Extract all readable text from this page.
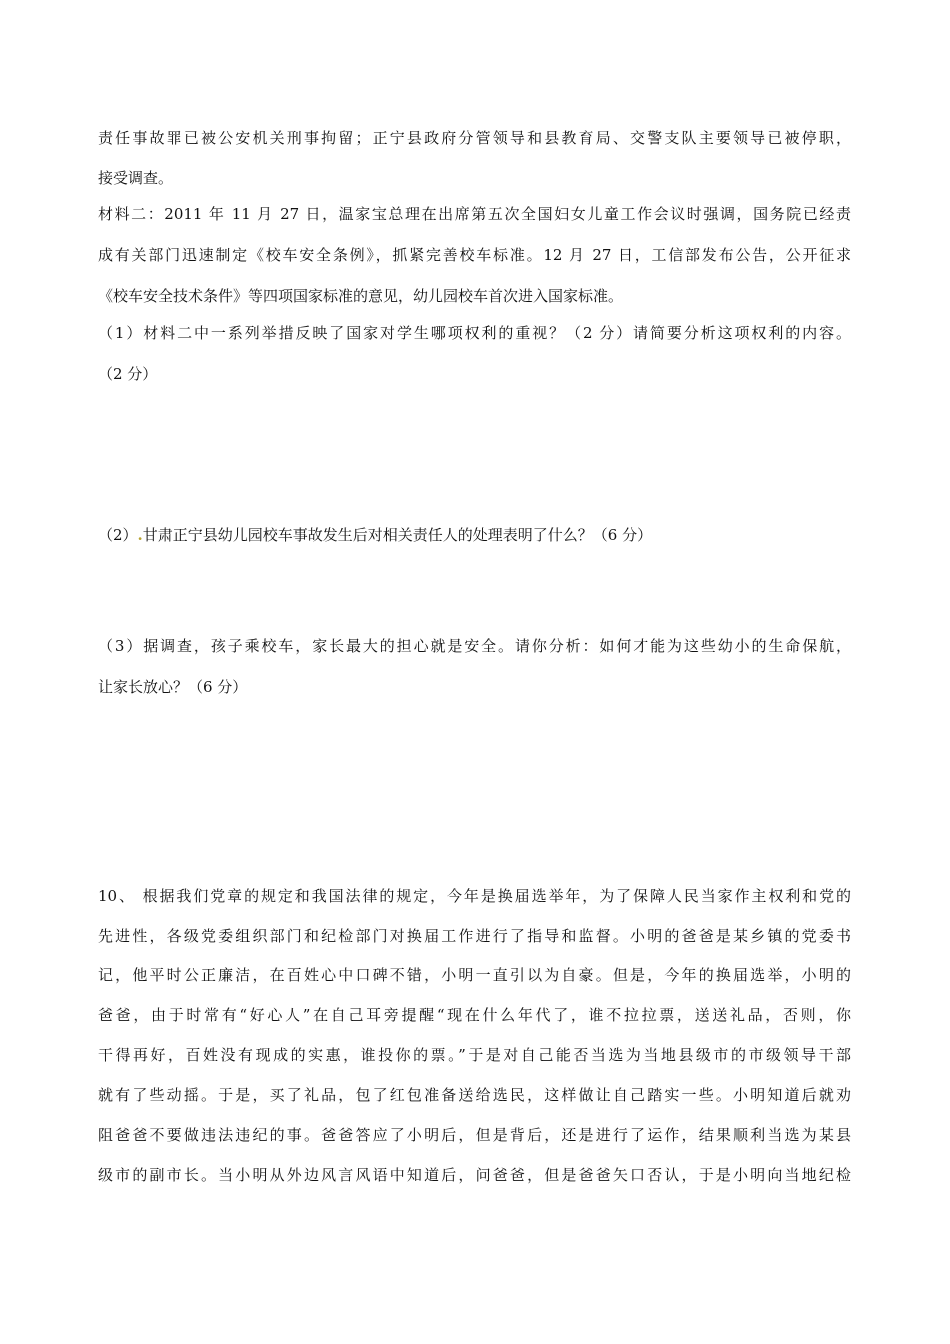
责任事故罪已被公安机关刑事拘留；正宁县政府分管领导和县教育局、交警支队主要领导已被停职，
接受调查。
材料二：2011 年 11 月 27 日，温家宝总理在出席第五次全国妇女儿童工作会议时强调，国务院已经责
成有关部门迅速制定《校车安全条例》，抓紧完善校车标准。12 月 27 日，工信部发布公告，公开征求
《校车安全技术条件》等四项国家标准的意见，幼儿园校车首次进入国家标准。
（1）材料二中一系列举措反映了国家对学生哪项权利的重视？（2 分）请简要分析这项权利的内容。
（2 分）
（2）.甘肃正宁县幼儿园校车事故发生后对相关责任人的处理表明了什么？（6 分）
（3）据调查，孩子乘校车，家长最大的担心就是安全。请你分析：如何才能为这些幼小的生命保航，
让家长放心？（6 分）
10、 根据我们党章的规定和我国法律的规定，今年是换届选举年，为了保障人民当家作主权利和党的
先进性，各级党委组织部门和纪检部门对换届工作进行了指导和监督。小明的爸爸是某乡镇的党委书
记，他平时公正廉洁，在百姓心中口碑不错，小明一直引以为自豪。但是，今年的换届选举，小明的
爸爸，由于时常有“好心人”在自己耳旁提醒“现在什么年代了，谁不拉拉票，送送礼品，否则，你
干得再好，百姓没有现成的实惠，谁投你的票。”于是对自己能否当选为当地县级市的市级领导干部
就有了些动摇。于是，买了礼品，包了红包准备送给选民，这样做让自己踏实一些。小明知道后就劝
阻爸爸不要做违法违纪的事。爸爸答应了小明后，但是背后，还是进行了运作，结果顺利当选为某县
级市的副市长。当小明从外边风言风语中知道后，问爸爸，但是爸爸矢口否认，于是小明向当地纪检
